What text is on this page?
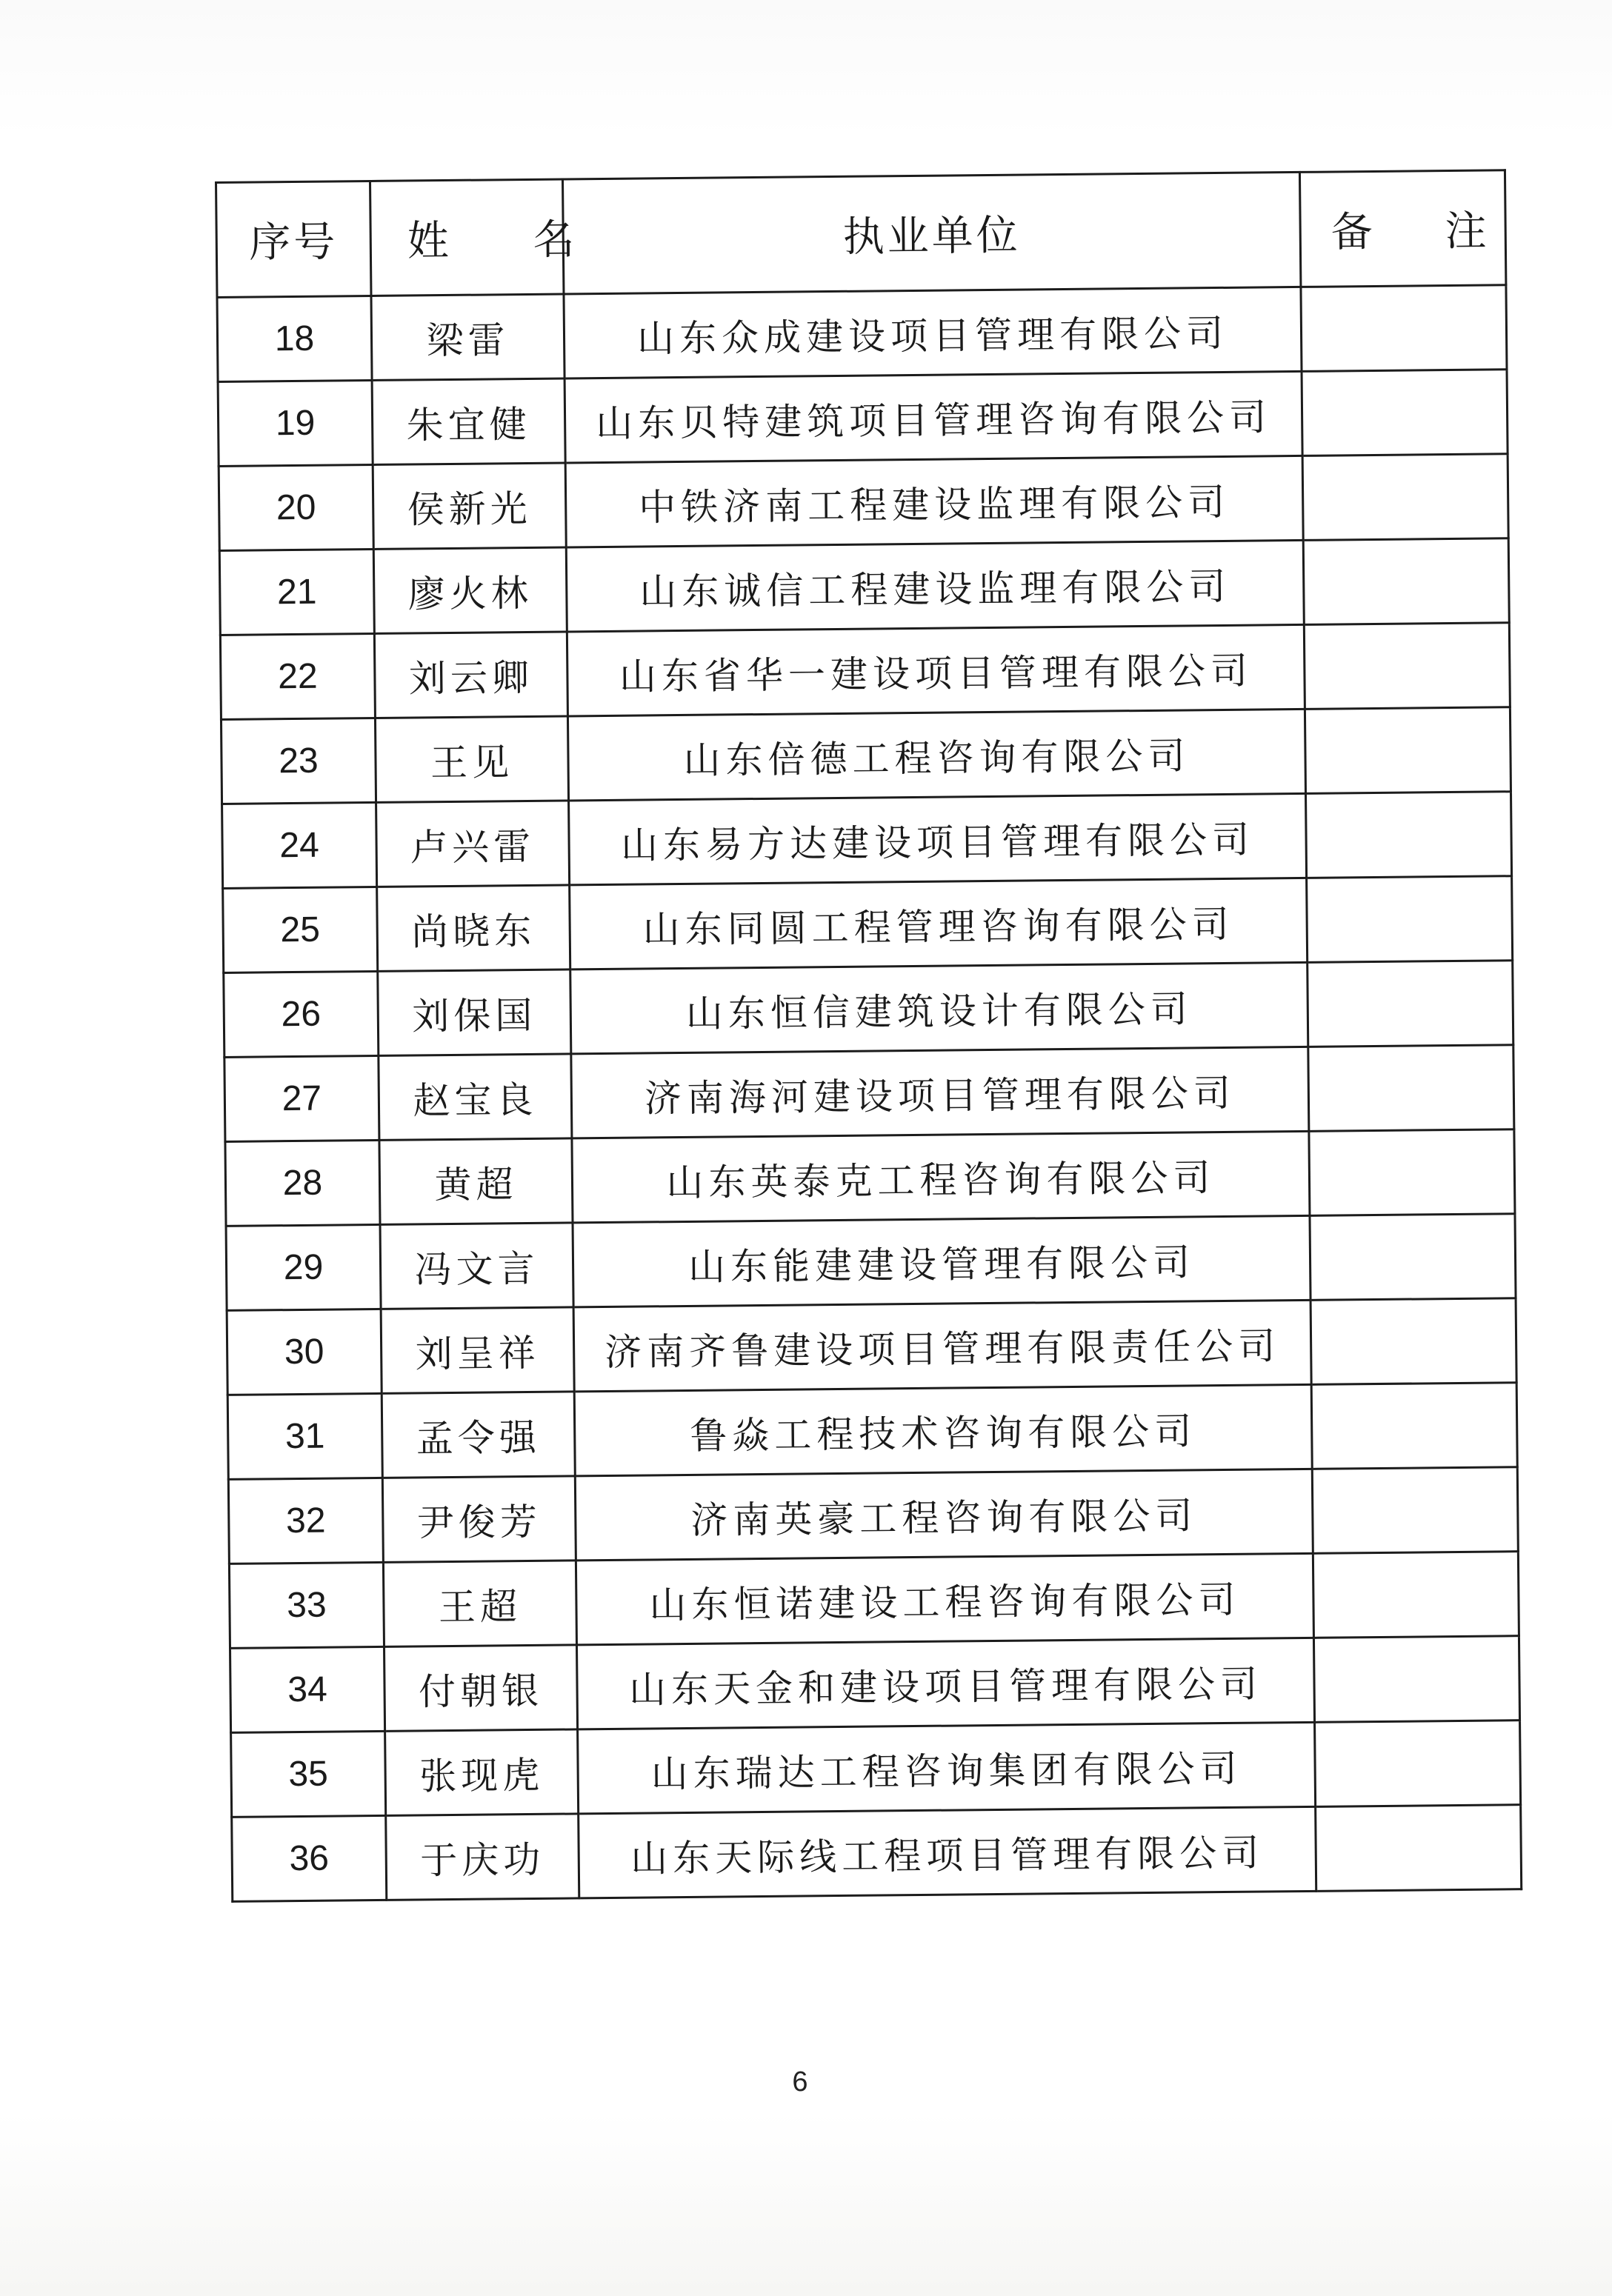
序号	姓 名	执业单位	备 注
18	梁雷	山东众成建设项目管理有限公司	
19	朱宜健	山东贝特建筑项目管理咨询有限公司	
20	侯新光	中铁济南工程建设监理有限公司	
21	廖火林	山东诚信工程建设监理有限公司	
22	刘云卿	山东省华一建设项目管理有限公司	
23	王见	山东倍德工程咨询有限公司	
24	卢兴雷	山东易方达建设项目管理有限公司	
25	尚晓东	山东同圆工程管理咨询有限公司	
26	刘保国	山东恒信建筑设计有限公司	
27	赵宝良	济南海河建设项目管理有限公司	
28	黄超	山东英泰克工程咨询有限公司	
29	冯文言	山东能建建设管理有限公司	
30	刘呈祥	济南齐鲁建设项目管理有限责任公司	
31	孟令强	鲁焱工程技术咨询有限公司	
32	尹俊芳	济南英豪工程咨询有限公司	
33	王超	山东恒诺建设工程咨询有限公司	
34	付朝银	山东天金和建设项目管理有限公司	
35	张现虎	山东瑞达工程咨询集团有限公司	
36	于庆功	山东天际线工程项目管理有限公司	
6
